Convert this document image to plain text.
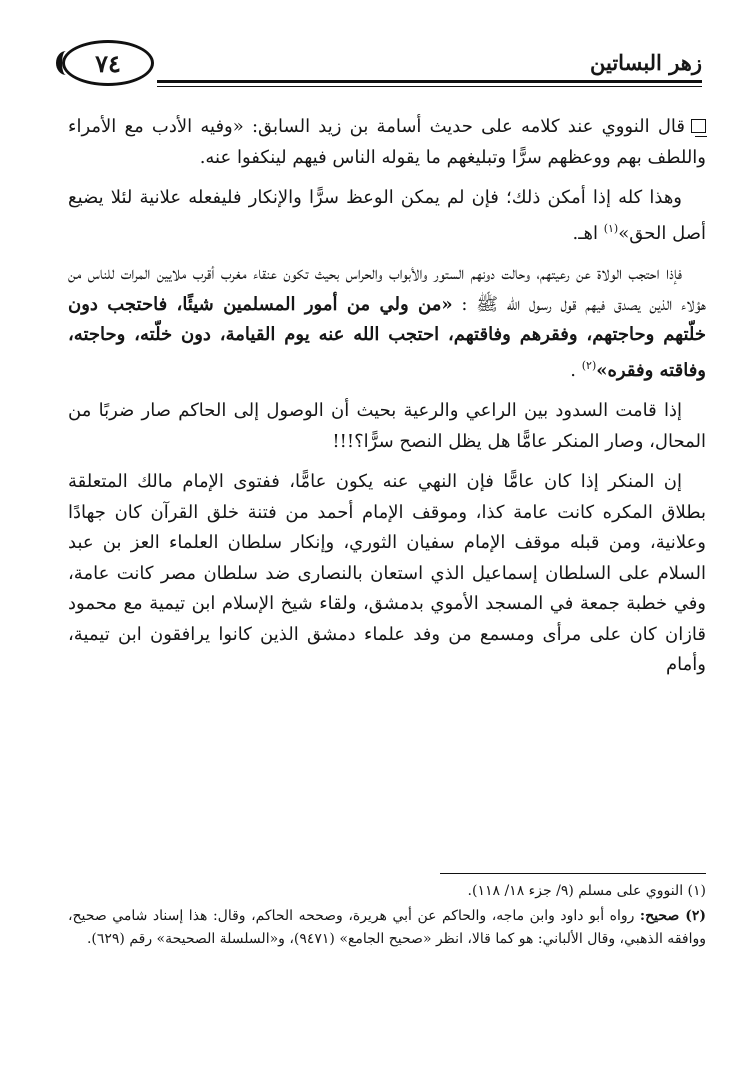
٧٤	زهر البساتين

قال النووي عند كلامه على حديث أسامة بن زيد السابق: «وفيه الأدب مع الأمراء واللطف بهم ووعظهم سرًّا وتبليغهم ما يقوله الناس فيهم لينكفوا عنه.

وهذا كله إذا أمكن ذلك؛ فإن لم يمكن الوعظ سرًّا والإنكار فليفعله علانية لئلا يضيع أصل الحق»$^{(١)}$ اهـ.

فإذا احتجب الولاة عن رعيتهم، وحالت دونهم الستور والأبواب والحراس بحيث تكون عنقاء مغرب أقرب ملايين المرات للناس من هؤلاء الذين يصدق فيهم قول رسول الله ﷺ : «من ولي من أمور المسلمين شيئًا، فاحتجب دون خلّتهم وحاجتهم، وفقرهم وفاقتهم، احتجب الله عنه يوم القيامة، دون خلّته، وحاجته، وفاقته وفقره»$^{(٢)}$ .

إذا قامت السدود بين الراعي والرعية بحيث أن الوصول إلى الحاكم صار ضربًا من المحال، وصار المنكر عامًّا هل يظل النصح سرًّا؟!!!

إن المنكر إذا كان عامًّا فإن النهي عنه يكون عامًّا، ففتوى الإمام مالك المتعلقة بطلاق المكره كانت عامة كذا، وموقف الإمام أحمد من فتنة خلق القرآن كان جهادًا وعلانية، ومن قبله موقف الإمام سفيان الثوري، وإنكار سلطان العلماء العز بن عبد السلام على السلطان إسماعيل الذي استعان بالنصارى ضد سلطان مصر كانت عامة، وفي خطبة جمعة في المسجد الأموي بدمشق، ولقاء شيخ الإسلام ابن تيمية مع محمود قازان كان على مرأى ومسمع من وفد علماء دمشق الذين كانوا يرافقون ابن تيمية، وأمام

(١) النووي على مسلم (٩/ جزء ١٨/ ١١٨).

(٢) صحيح: رواه أبو داود وابن ماجه، والحاكم عن أبي هريرة، وصححه الحاكم، وقال: هذا إسناد شامي صحيح، ووافقه الذهبي، وقال الألباني: هو كما قالا، انظر «صحيح الجامع» (٩٤٧١)، و«السلسلة الصحيحة» رقم (٦٢٩).
